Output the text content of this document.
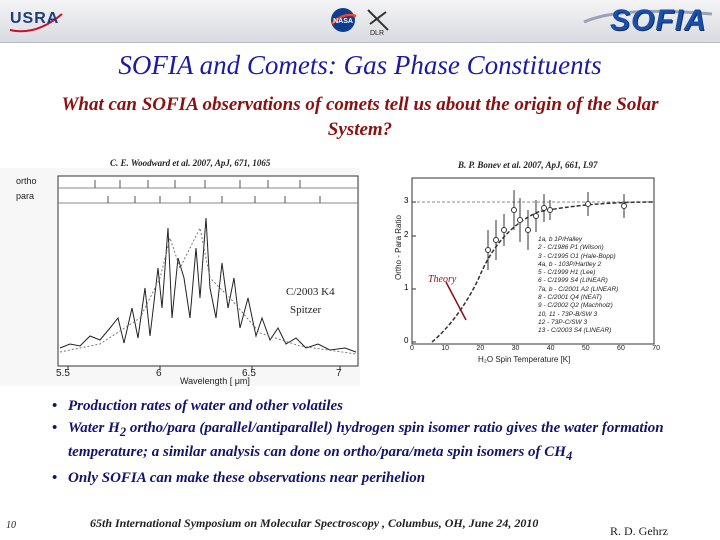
USRA	NASA
DLR	SOFIA
SOFIA and Comets: Gas Phase Constituents
What can SOFIA observations of comets tell us about the origin of the Solar System?
C. E. Woodward et al. 2007, ApJ, 671, 1065
ortho
para
C/2003 K4
Spitzer
5.5	6	6.5	7
Wavelength [ μm]
B. P. Bonev et al. 2007, ApJ, 661, L97
Ortho - Para Ratio
0
1
2
3
0	10	20	30	40	50	60	70
H₂O Spin Temperature [K]
Theory
1a, b 1P/Halley
2 - C/1986 P1 (Wilson)
3 - C/1995 O1 (Hale-Bopp)
4a, b - 103P/Hartley 2
5 - C/1999 H1 (Lee)
6 - C/1999 S4 (LINEAR)
7a, b - C/2001 A2 (LINEAR)
8 - C/2001 Q4 (NEAT)
9 - C/2002 Q2 (Machholz)
10, 11 - 73P-B/SW 3
12 - 73P-C/SW 3
13 - C/2003 S4 (LINEAR)
• Production rates of water and other volatiles
• Water $H_2$ ortho/para (parallel/antiparallel) hydrogen spin isomer ratio gives the water formation temperature; a similar analysis can done on ortho/para/meta spin isomers of $CH_4$
• Only SOFIA can make these observations near perihelion
10	65th International Symposium on Molecular Spectroscopy , Columbus, OH, June 24, 2010
R. D. Gehrz
